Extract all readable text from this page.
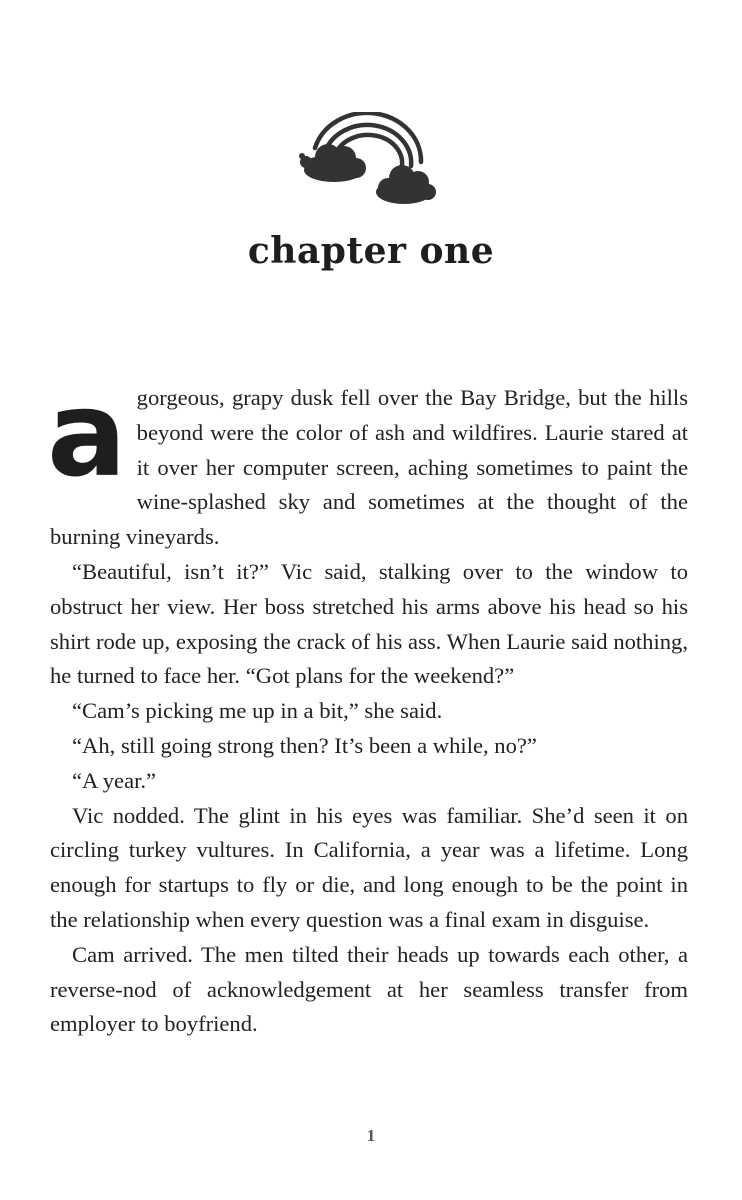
chapter one

a gorgeous, grapy dusk fell over the Bay Bridge, but the hills beyond were the color of ash and wildfires. Laurie stared at it over her computer screen, aching sometimes to paint the wine-splashed sky and sometimes at the thought of the burning vineyards.

“Beautiful, isn’t it?” Vic said, stalking over to the window to obstruct her view. Her boss stretched his arms above his head so his shirt rode up, exposing the crack of his ass. When Laurie said nothing, he turned to face her. “Got plans for the weekend?”

“Cam’s picking me up in a bit,” she said.

“Ah, still going strong then? It’s been a while, no?”

“A year.”

Vic nodded. The glint in his eyes was familiar. She’d seen it on circling turkey vultures. In California, a year was a lifetime. Long enough for startups to fly or die, and long enough to be the point in the relationship when every question was a final exam in disguise.

Cam arrived. The men tilted their heads up towards each other, a reverse-nod of acknowledgement at her seamless transfer from employer to boyfriend.

1
